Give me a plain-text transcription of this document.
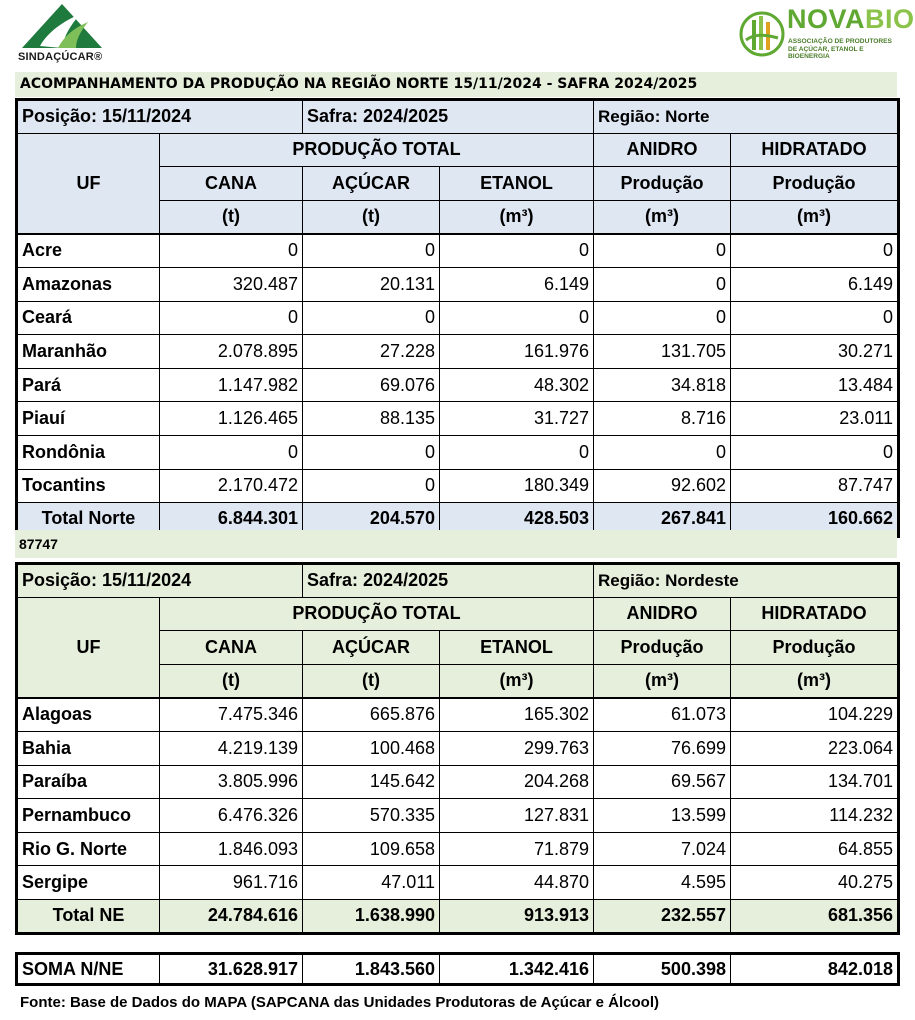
SINDAÇÚCAR®
NOVABIO
ASSOCIAÇÃO DE PRODUTORES DE AÇÚCAR, ETANOL E BIOENERGIA
ACOMPANHAMENTO DA PRODUÇÃO NA REGIÃO NORTE 15/11/2024 - SAFRA 2024/2025
Posição: 15/11/2024		Safra: 2024/2025		Região: Norte	
UF	PRODUÇÃO TOTAL			ANIDRO	HIDRATADO
	CANA	AÇÚCAR	ETANOL	Produção	Produção
	(t)	(t)	(m³)	(m³)	(m³)
Acre	0	0	0	0	0
Amazonas	320.487	20.131	6.149	0	6.149
Ceará	0	0	0	0	0
Maranhão	2.078.895	27.228	161.976	131.705	30.271
Pará	1.147.982	69.076	48.302	34.818	13.484
Piauí	1.126.465	88.135	31.727	8.716	23.011
Rondônia	0	0	0	0	0
Tocantins	2.170.472	0	180.349	92.602	87.747
Total Norte	6.844.301	204.570	428.503	267.841	160.662
87747
Posição: 15/11/2024		Safra: 2024/2025		Região: Nordeste	
UF	PRODUÇÃO TOTAL			ANIDRO	HIDRATADO
	CANA	AÇÚCAR	ETANOL	Produção	Produção
	(t)	(t)	(m³)	(m³)	(m³)
Alagoas	7.475.346	665.876	165.302	61.073	104.229
Bahia	4.219.139	100.468	299.763	76.699	223.064
Paraíba	3.805.996	145.642	204.268	69.567	134.701
Pernambuco	6.476.326	570.335	127.831	13.599	114.232
Rio G. Norte	1.846.093	109.658	71.879	7.024	64.855
Sergipe	961.716	47.011	44.870	4.595	40.275
Total NE	24.784.616	1.638.990	913.913	232.557	681.356
SOMA N/NE	31.628.917	1.843.560	1.342.416	500.398	842.018
Fonte: Base de Dados do MAPA (SAPCANA das Unidades Produtoras de Açúcar e Álcool)
